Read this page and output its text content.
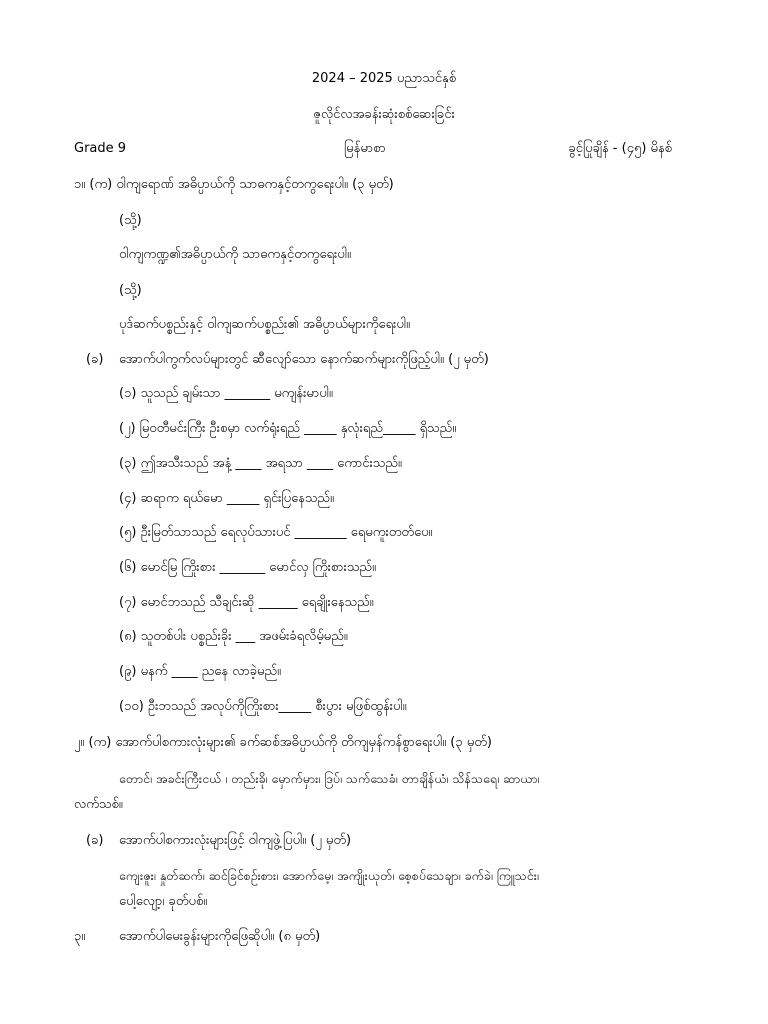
2024 – 2025 ပညာသင်နှစ်
ဇူလိုင်လအခန်းဆုံးစစ်ဆေးခြင်း
Grade 9	မြန်မာစာ	ခွင့်ပြုချိန် - (၄၅) မိနစ်
၁။ (က) ဝါကျရောဏ် အဓိပ္ပာယ်ကို သာဓကနှင့်တကွရေးပါ။ (၃ မှတ်)
(သို့)
ဝါကျကဏ္ဍ၏အဓိပ္ပာယ်ကို သာဓကနှင့်တကွရေးပါ။
(သို့)
ပုဒ်ဆက်ပစ္စည်းနှင့် ဝါကျဆက်ပစ္စည်း၏ အဓိပ္ပာယ်များကိုရေးပါ။
(ခ) အောက်ပါကွက်လပ်များတွင် ဆီလျော်သော နောက်ဆက်များကိုဖြည့်ပါ။ (၂ မှတ်)
(၁) သူသည် ချမ်းသာ _______ မကျန်းမာပါ။
(၂) မြဝတီမင်းကြီး ဦးစမှာ လက်ရုံးရည် _____ နှလုံးရည်_____ ရှိသည်။
(၃) ဤအသီးသည် အနံ့ ____ အရသာ ____ ကောင်းသည်။
(၄) ဆရာက ရယ်မော _____ ရှင်းပြနေသည်။
(၅) ဦးမြတ်သာသည် ရေလုပ်သားပင် ________ ရေမကူးတတ်ပေ။
(၆) မောင်မြ ကြိုးစား _______ မောင်လှ ကြိုးစားသည်။
(၇) မောင်ဘသည် သီချင်းဆို ______ ရေချိုးနေသည်။
(၈) သူတစ်ပါး ပစ္စည်းခိုး ___ အဖမ်းခံရလိမ့်မည်။
(၉) မနက် ____ ညနေ လာခဲ့မည်။
(၁၀) ဦးဘသည် အလုပ်ကိုကြိုးစား_____ စီးပွား မဖြစ်ထွန်းပါ။
၂။ (က) အောက်ပါစကားလုံးများ၏ ခက်ဆစ်အဓိပ္ပာယ်ကို တိကျမှန်ကန်စွာရေးပါ။ (၃ မှတ်)
တောင်၊ အခင်းကြီးငယ် ၊ တည်းခို၊ မှောက်မှား၊ ဒြပ်၊ သက်သေခံ၊ တာချိန်ယံ၊ သိန်သရေ၊ ဆာယာ၊
လက်သစ်။
(ခ) အောက်ပါစကားလုံးများဖြင့် ဝါကျဖွဲ့ပြပါ။ (၂ မှတ်)
ကျေးဇူး၊ နှုတ်ဆက်၊ ဆင်ခြင်စဉ်းစား၊ အောက်မေ့၊ အကျိုးယုတ်၊ စေ့စပ်သေချာ၊ ခက်ခဲ၊ ကြူသင်း၊
ပေါ့လျော့၊ ခုတ်ပစ်။
၃။	အောက်ပါမေးခွန်းများကိုဖြေဆိုပါ။ (၈ မှတ်)
